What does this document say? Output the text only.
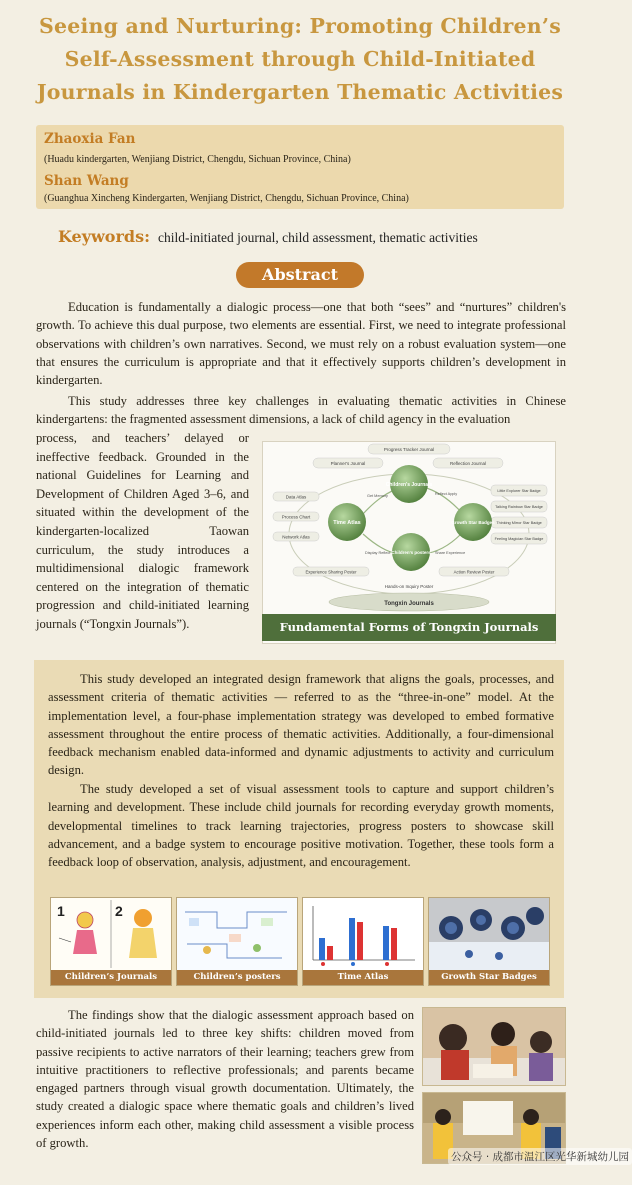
Seeing and Nurturing: Promoting Children’s
Self-Assessment through Child-Initiated
Journals in Kindergarten Thematic Activities
Zhaoxia Fan
(Huadu kindergarten, Wenjiang District, Chengdu, Sichuan Province, China)
Shan Wang
(Guanghua Xincheng Kindergarten, Wenjiang District, Chengdu, Sichuan Province, China)
Keywords: child-initiated journal, child assessment, thematic activities
Abstract
Education is fundamentally a dialogic process—one that both “sees” and “nurtures” children's growth. To achieve this dual purpose, two elements are essential. First, we need to integrate professional observations with children’s own narratives. Second, we must rely on a robust evaluation system—one that ensures the curriculum is appropriate and that it effectively supports children’s development in kindergarten.
This study addresses three key challenges in evaluating thematic activities in Chinese kindergartens: the fragmented assessment dimensions, a lack of child agency in the evaluation
process, and teachers’ delayed or ineffective feedback. Grounded in the national Guidelines for Learning and Development of Children Aged 3–6, and situated within the development of the kindergarten-localized Taowan curriculum, the study introduces a multidimensional dialogic framework centered on the integration of thematic progression and child-initiated learning journals (“Tongxin Journals”).
Progress Tracker Journal
Planner's Journal	Reflection Journal
Data Atlas
Process Chart
Network Atlas
Little Explorer Star Badge
Talking Rainbow Star Badge
Thinking Mirror Star Badge
Feeling Magician Star Badge
Experience Sharing Poster	Action Review Poster
Hands-on Inquiry Poster
Get Memory	Reflect Apply
Display Reflect	Share Experience
Children's Journals
Time Atlas	Growth Star Badges
Children's posters
Tongxin Journals
Fundamental Forms of Tongxin Journals
This study developed an integrated design framework that aligns the goals, processes, and assessment criteria of thematic activities — referred to as the “three-in-one” model. At the implementation level, a four-phase implementation strategy was developed to embed formative assessment throughout the entire process of thematic activities. Additionally, a four-dimensional feedback mechanism enabled data-informed and dynamic adjustments to activity and curriculum design.
The study developed a set of visual assessment tools to capture and support children’s learning and development. These include child journals for recording everyday growth moments, developmental timelines to track learning trajectories, progress posters to showcase skill advancement, and a badge system to encourage positive motivation. Together, these tools form a feedback loop of observation, analysis, adjustment, and encouragement.
1	2
Children’s Journals	Children’s posters	Time Atlas	Growth Star Badges
The findings show that the dialogic assessment approach based on child-initiated journals led to three key shifts: children moved from passive recipients to active narrators of their learning; teachers grew from intuitive practitioners to reflective professionals; and parents became engaged partners through visual growth documentation. Ultimately, the study created a dialogic space where thematic goals and children’s lived experiences inform each other, making child assessment a visible process of growth.
公众号 · 成都市温江区光华新城幼儿园
